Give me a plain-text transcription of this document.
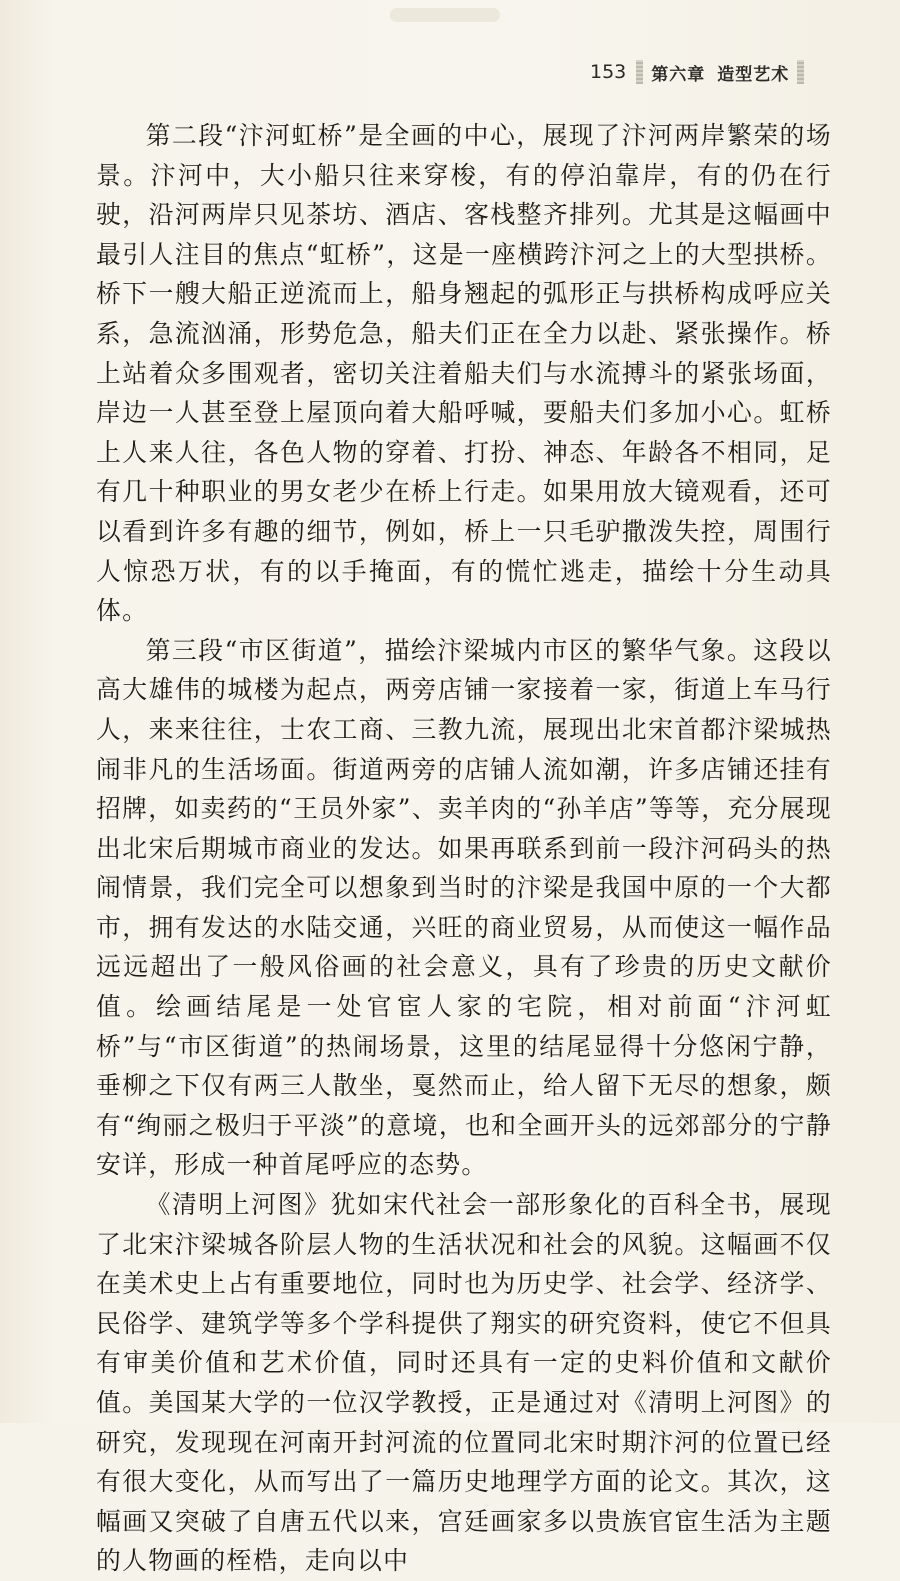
153 第六章 造型艺术

第二段“汴河虹桥”是全画的中心，展现了汴河两岸繁荣的场景。汴河中，大小船只往来穿梭，有的停泊靠岸，有的仍在行驶，沿河两岸只见茶坊、酒店、客栈整齐排列。尤其是这幅画中最引人注目的焦点“虹桥”，这是一座横跨汴河之上的大型拱桥。桥下一艘大船正逆流而上，船身翘起的弧形正与拱桥构成呼应关系，急流汹涌，形势危急，船夫们正在全力以赴、紧张操作。桥上站着众多围观者，密切关注着船夫们与水流搏斗的紧张场面，岸边一人甚至登上屋顶向着大船呼喊，要船夫们多加小心。虹桥上人来人往，各色人物的穿着、打扮、神态、年龄各不相同，足有几十种职业的男女老少在桥上行走。如果用放大镜观看，还可以看到许多有趣的细节，例如，桥上一只毛驴撒泼失控，周围行人惊恐万状，有的以手掩面，有的慌忙逃走，描绘十分生动具体。

第三段“市区街道”，描绘汴梁城内市区的繁华气象。这段以高大雄伟的城楼为起点，两旁店铺一家接着一家，街道上车马行人，来来往往，士农工商、三教九流，展现出北宋首都汴梁城热闹非凡的生活场面。街道两旁的店铺人流如潮，许多店铺还挂有招牌，如卖药的“王员外家”、卖羊肉的“孙羊店”等等，充分展现出北宋后期城市商业的发达。如果再联系到前一段汴河码头的热闹情景，我们完全可以想象到当时的汴梁是我国中原的一个大都市，拥有发达的水陆交通，兴旺的商业贸易，从而使这一幅作品远远超出了一般风俗画的社会意义，具有了珍贵的历史文献价值。绘画结尾是一处官宦人家的宅院，相对前面“汴河虹桥”与“市区街道”的热闹场景，这里的结尾显得十分悠闲宁静，垂柳之下仅有两三人散坐，戛然而止，给人留下无尽的想象，颇有“绚丽之极归于平淡”的意境，也和全画开头的远郊部分的宁静安详，形成一种首尾呼应的态势。

《清明上河图》犹如宋代社会一部形象化的百科全书，展现了北宋汴梁城各阶层人物的生活状况和社会的风貌。这幅画不仅在美术史上占有重要地位，同时也为历史学、社会学、经济学、民俗学、建筑学等多个学科提供了翔实的研究资料，使它不但具有审美价值和艺术价值，同时还具有一定的史料价值和文献价值。美国某大学的一位汉学教授，正是通过对《清明上河图》的研究，发现现在河南开封河流的位置同北宋时期汴河的位置已经有很大变化，从而写出了一篇历史地理学方面的论文。其次，这幅画又突破了自唐五代以来，宫廷画家多以贵族官宦生活为主题的人物画的桎梏，走向以中
